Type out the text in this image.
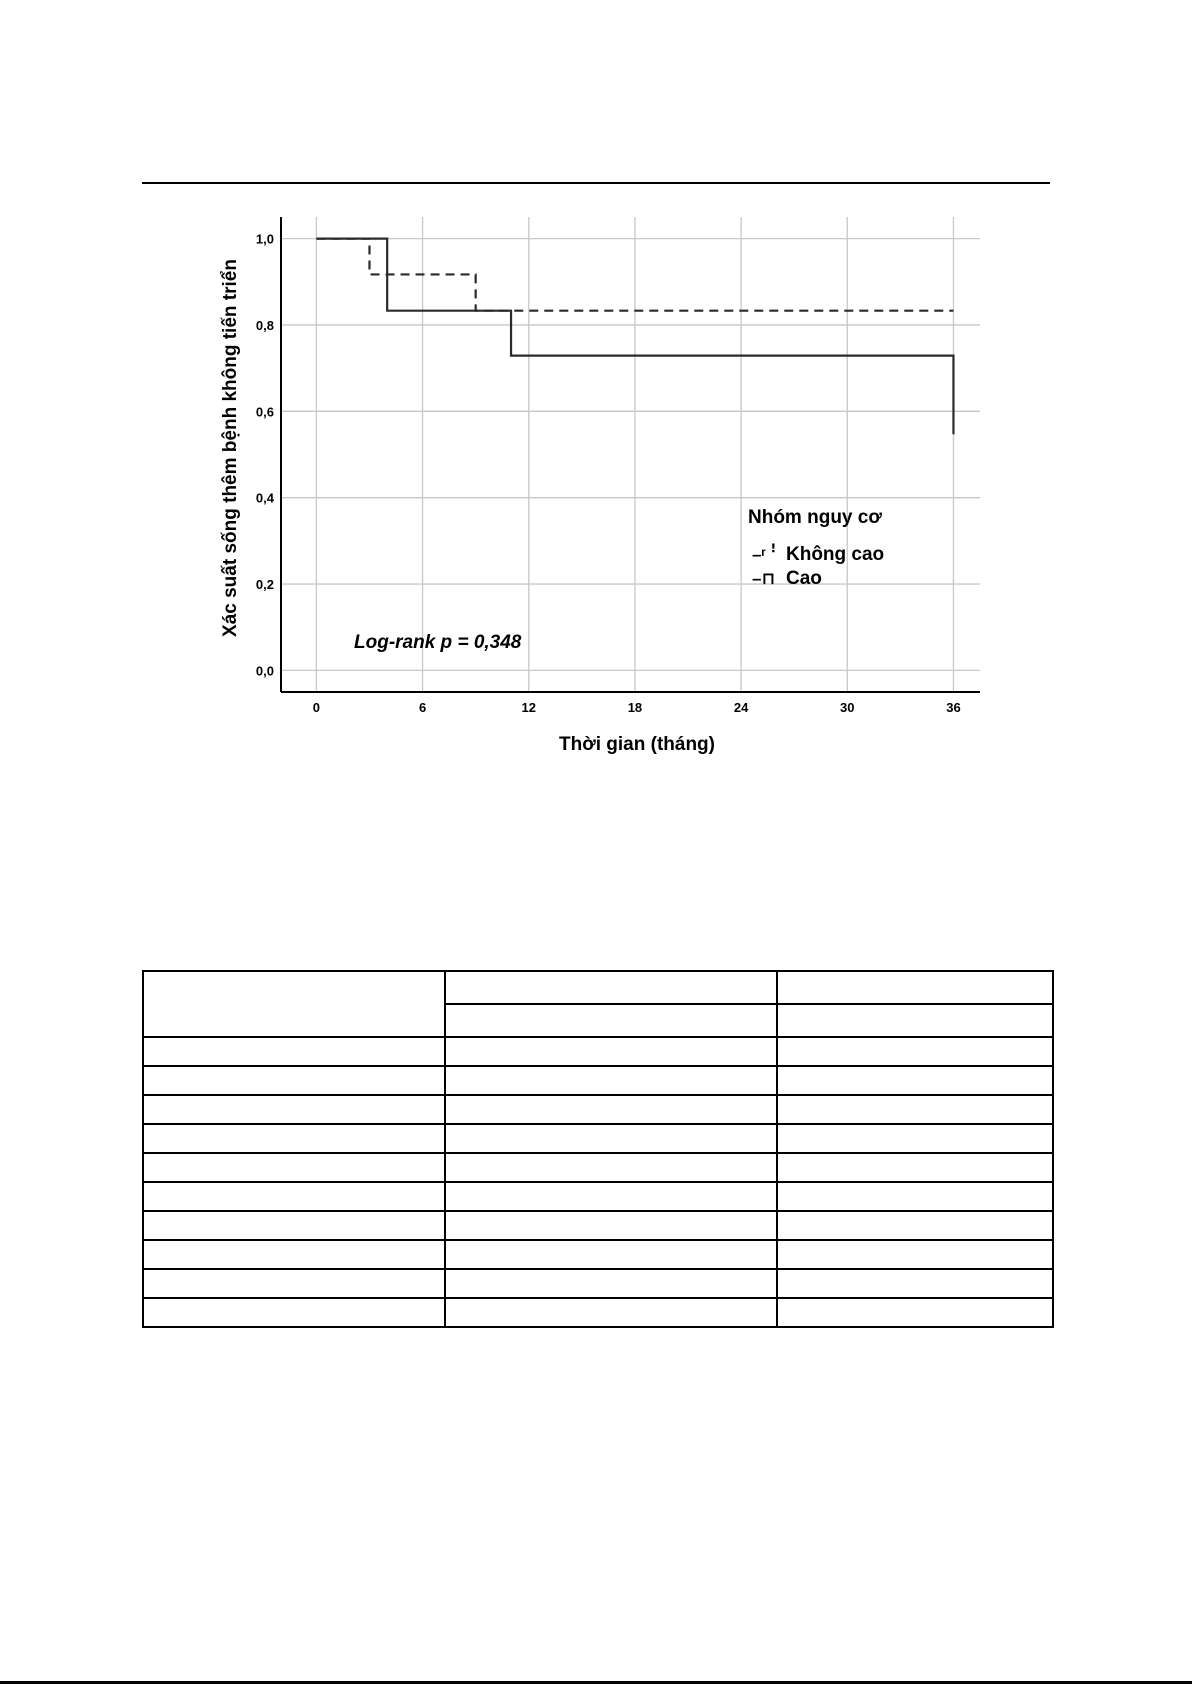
0	6	12	18	24	30	36
0,0
0,2
0,4
0,6
0,8
1,0
Thời gian (tháng)
Xác suất sống thêm bệnh không tiến triển
Log-rank p = 0,348
Nhóm nguy cơ
–ʳ ꜝ Không cao
–⊓ Cao
